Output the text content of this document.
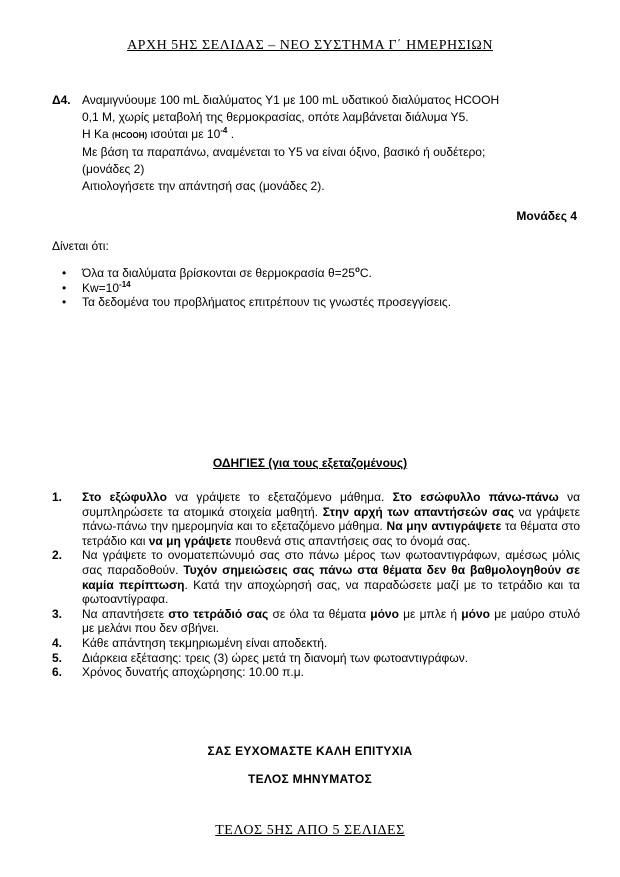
ΑΡΧΗ 5ΗΣ ΣΕΛΙΔΑΣ – ΝΕΟ ΣΥΣΤΗΜΑ Γ΄ ΗΜΕΡΗΣΙΩΝ
Δ4. Αναμιγνύουμε 100 mL διαλύματος Υ1 με 100 mL υδατικού διαλύματος HCOOH
0,1 Μ, χωρίς μεταβολή της θερμοκρασίας, οπότε λαμβάνεται διάλυμα Υ5.
Η Κa (HCOOH) ισούται με $10^{-4}$ .
Με βάση τα παραπάνω, αναμένεται το Υ5 να είναι όξινο, βασικό ή ουδέτερο;
(μονάδες 2)
Αιτιολογήσετε την απάντησή σας (μονάδες 2).
Μονάδες 4
Δίνεται ότι:
• Όλα τα διαλύματα βρίσκονται σε θερμοκρασία $\theta=25^oC$.
• $Kw=10^{-14}$
• Τα δεδομένα του προβλήματος επιτρέπουν τις γνωστές προσεγγίσεις.
ΟΔΗΓΙΕΣ (για τους εξεταζομένους)
1. Στο εξώφυλλο να γράψετε το εξεταζόμενο μάθημα. Στο εσώφυλλο πάνω-πάνω να συμπληρώσετε τα ατομικά στοιχεία μαθητή. Στην αρχή των απαντήσεών σας να γράψετε πάνω-πάνω την ημερομηνία και το εξεταζόμενο μάθημα. Να μην αντιγράψετε τα θέματα στο τετράδιο και να μη γράψετε πουθενά στις απαντήσεις σας το όνομά σας.
2. Να γράψετε το ονοματεπώνυμό σας στο πάνω μέρος των φωτοαντιγράφων, αμέσως μόλις σας παραδοθούν. Τυχόν σημειώσεις σας πάνω στα θέματα δεν θα βαθμολογηθούν σε καμία περίπτωση. Κατά την αποχώρησή σας, να παραδώσετε μαζί με το τετράδιο και τα φωτοαντίγραφα.
3. Να απαντήσετε στο τετράδιό σας σε όλα τα θέματα μόνο με μπλε ή μόνο με μαύρο στυλό με μελάνι που δεν σβήνει.
4. Κάθε απάντηση τεκμηριωμένη είναι αποδεκτή.
5. Διάρκεια εξέτασης: τρεις (3) ώρες μετά τη διανομή των φωτοαντιγράφων.
6. Χρόνος δυνατής αποχώρησης: 10.00 π.μ.
ΣΑΣ ΕΥΧΟΜΑΣΤΕ ΚΑΛΗ ΕΠΙΤΥΧΙΑ
ΤΕΛΟΣ ΜΗΝΥΜΑΤΟΣ
ΤΕΛΟΣ 5ΗΣ ΑΠΟ 5 ΣΕΛΙΔΕΣ
